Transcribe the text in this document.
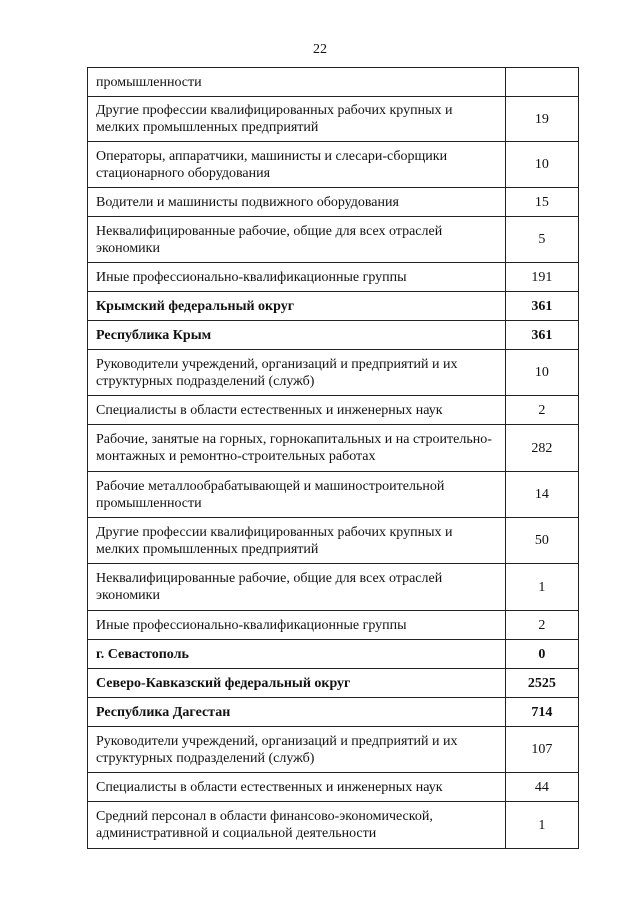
22
промышленности	
Другие профессии квалифицированных рабочих крупных и мелких промышленных предприятий	19
Операторы, аппаратчики, машинисты и слесари-сборщики стационарного оборудования	10
Водители и машинисты подвижного оборудования	15
Неквалифицированные рабочие, общие для всех отраслей экономики	5
Иные профессионально-квалификационные группы	191
Крымский федеральный округ	361
Республика Крым	361
Руководители учреждений, организаций и предприятий и их структурных подразделений (служб)	10
Специалисты в области естественных и инженерных наук	2
Рабочие, занятые на горных, горнокапитальных и на строительно-монтажных и ремонтно-строительных работах	282
Рабочие металлообрабатывающей и машиностроительной промышленности	14
Другие профессии квалифицированных рабочих крупных и мелких промышленных предприятий	50
Неквалифицированные рабочие, общие для всех отраслей экономики	1
Иные профессионально-квалификационные группы	2
г. Севастополь	0
Северо-Кавказский федеральный округ	2525
Республика Дагестан	714
Руководители учреждений, организаций и предприятий и их структурных подразделений (служб)	107
Специалисты в области естественных и инженерных наук	44
Средний персонал в области финансово-экономической, административной и социальной деятельности	1
